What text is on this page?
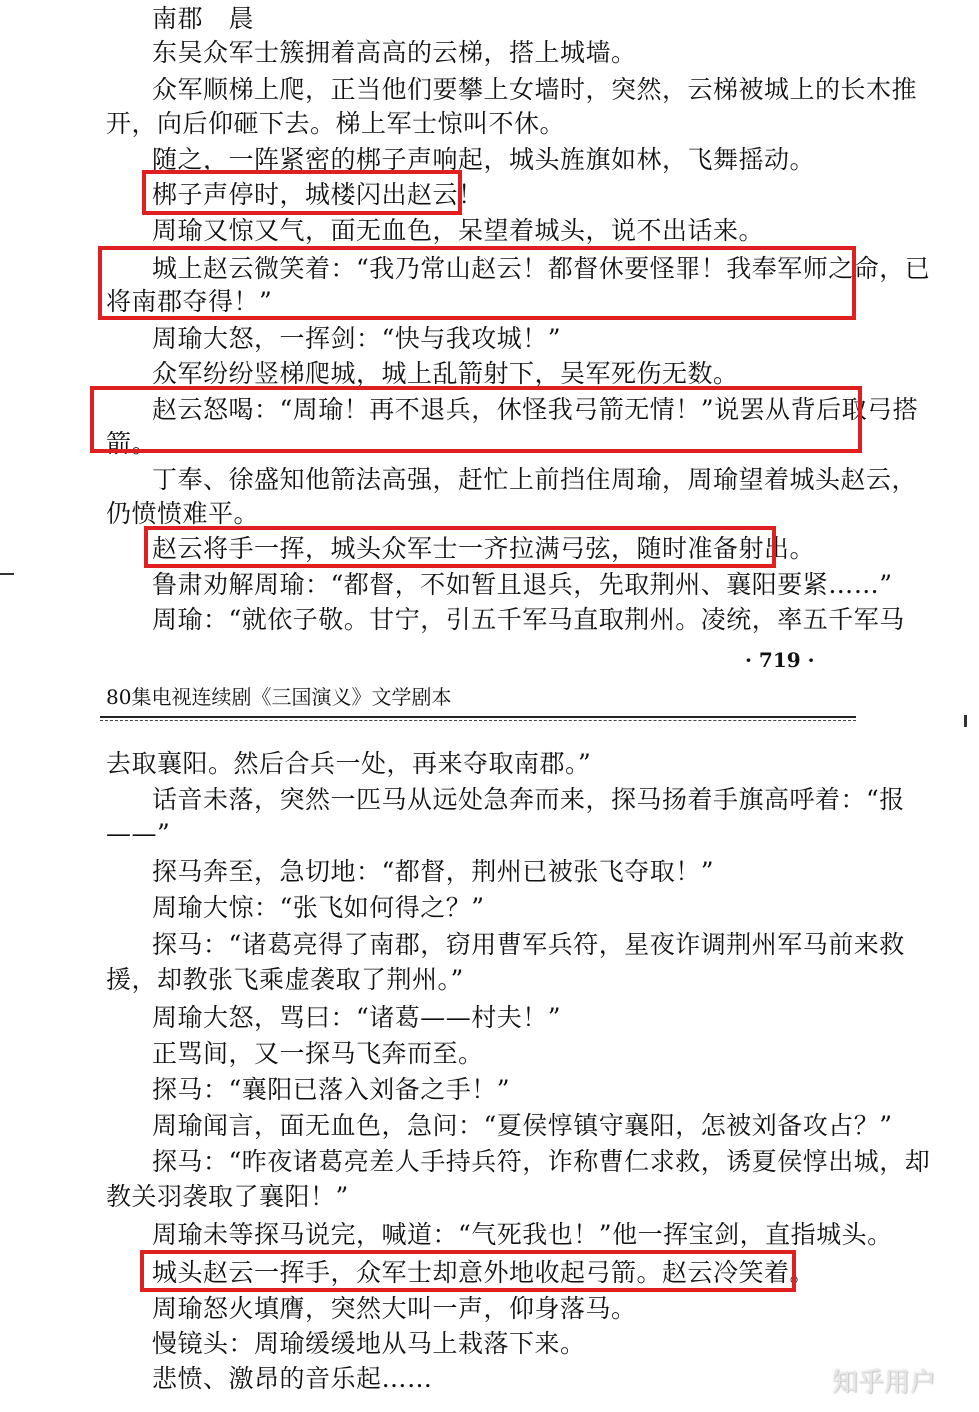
南郡　晨
东吴众军士簇拥着高高的云梯，搭上城墙。
众军顺梯上爬，正当他们要攀上女墙时，突然，云梯被城上的长木推
开，向后仰砸下去。梯上军士惊叫不休。
随之，一阵紧密的梆子声响起，城头旌旗如林，飞舞摇动。
梆子声停时，城楼闪出赵云！
周瑜又惊又气，面无血色，呆望着城头，说不出话来。
城上赵云微笑着：“我乃常山赵云！都督休要怪罪！我奉军师之命，已
将南郡夺得！”
周瑜大怒，一挥剑：“快与我攻城！”
众军纷纷竖梯爬城，城上乱箭射下，吴军死伤无数。
赵云怒喝：“周瑜！再不退兵，休怪我弓箭无情！”说罢从背后取弓搭
箭。
丁奉、徐盛知他箭法高强，赶忙上前挡住周瑜，周瑜望着城头赵云，
仍愤愤难平。
赵云将手一挥，城头众军士一齐拉满弓弦，随时准备射出。
鲁肃劝解周瑜：“都督，不如暂且退兵，先取荆州、襄阳要紧……”
周瑜：“就依子敬。甘宁，引五千军马直取荆州。凌统，率五千军马
· 719 ·
80集电视连续剧《三国演义》文学剧本
去取襄阳。然后合兵一处，再来夺取南郡。”
话音未落，突然一匹马从远处急奔而来，探马扬着手旗高呼着：“报
——”
探马奔至，急切地：“都督，荆州已被张飞夺取！”
周瑜大惊：“张飞如何得之？”
探马：“诸葛亮得了南郡，窃用曹军兵符，星夜诈调荆州军马前来救
援，却教张飞乘虚袭取了荆州。”
周瑜大怒，骂曰：“诸葛——村夫！”
正骂间，又一探马飞奔而至。
探马：“襄阳已落入刘备之手！”
周瑜闻言，面无血色，急问：“夏侯惇镇守襄阳，怎被刘备攻占？”
探马：“昨夜诸葛亮差人手持兵符，诈称曹仁求救，诱夏侯惇出城，却
教关羽袭取了襄阳！”
周瑜未等探马说完，喊道：“气死我也！”他一挥宝剑，直指城头。
城头赵云一挥手，众军士却意外地收起弓箭。赵云冷笑着。
周瑜怒火填膺，突然大叫一声，仰身落马。
慢镜头：周瑜缓缓地从马上栽落下来。
悲愤、激昂的音乐起……	知乎用户
